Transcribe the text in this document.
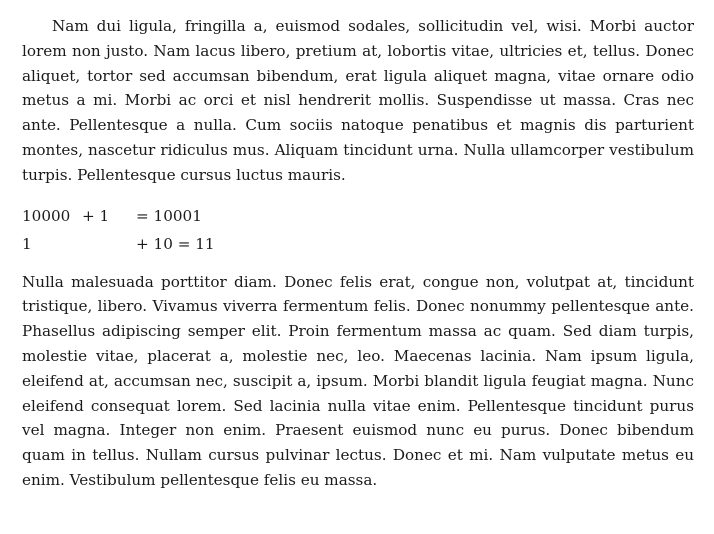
Nam dui ligula, fringilla a, euismod sodales, sollicitudin vel, wisi. Morbi auctor lorem non justo. Nam lacus libero, pretium at, lobortis vitae, ultricies et, tellus. Donec aliquet, tortor sed accumsan bibendum, erat ligula aliquet magna, vitae ornare odio metus a mi. Morbi ac orci et nisl hendrerit mollis. Suspendisse ut massa. Cras nec ante. Pellentesque a nulla. Cum sociis natoque penatibus et magnis dis parturient montes, nascetur ridiculus mus. Aliquam tincidunt urna. Nulla ullamcorper vestibulum turpis. Pellentesque cursus luctus mauris.

10000 + 1	= 10001
1	+ 10 = 11

Nulla malesuada porttitor diam. Donec felis erat, congue non, volutpat at, tincidunt tristique, libero. Vivamus viverra fermentum felis. Donec nonummy pellentesque ante. Phasellus adipiscing semper elit. Proin fermentum massa ac quam. Sed diam turpis, molestie vitae, placerat a, molestie nec, leo. Maecenas lacinia. Nam ipsum ligula, eleifend at, accumsan nec, suscipit a, ipsum. Morbi blandit ligula feugiat magna. Nunc eleifend consequat lorem. Sed lacinia nulla vitae enim. Pellentesque tincidunt purus vel magna. Integer non enim. Praesent euismod nunc eu purus. Donec bibendum quam in tellus. Nullam cursus pulvinar lectus. Donec et mi. Nam vulputate metus eu enim. Vestibulum pellentesque felis eu massa.
